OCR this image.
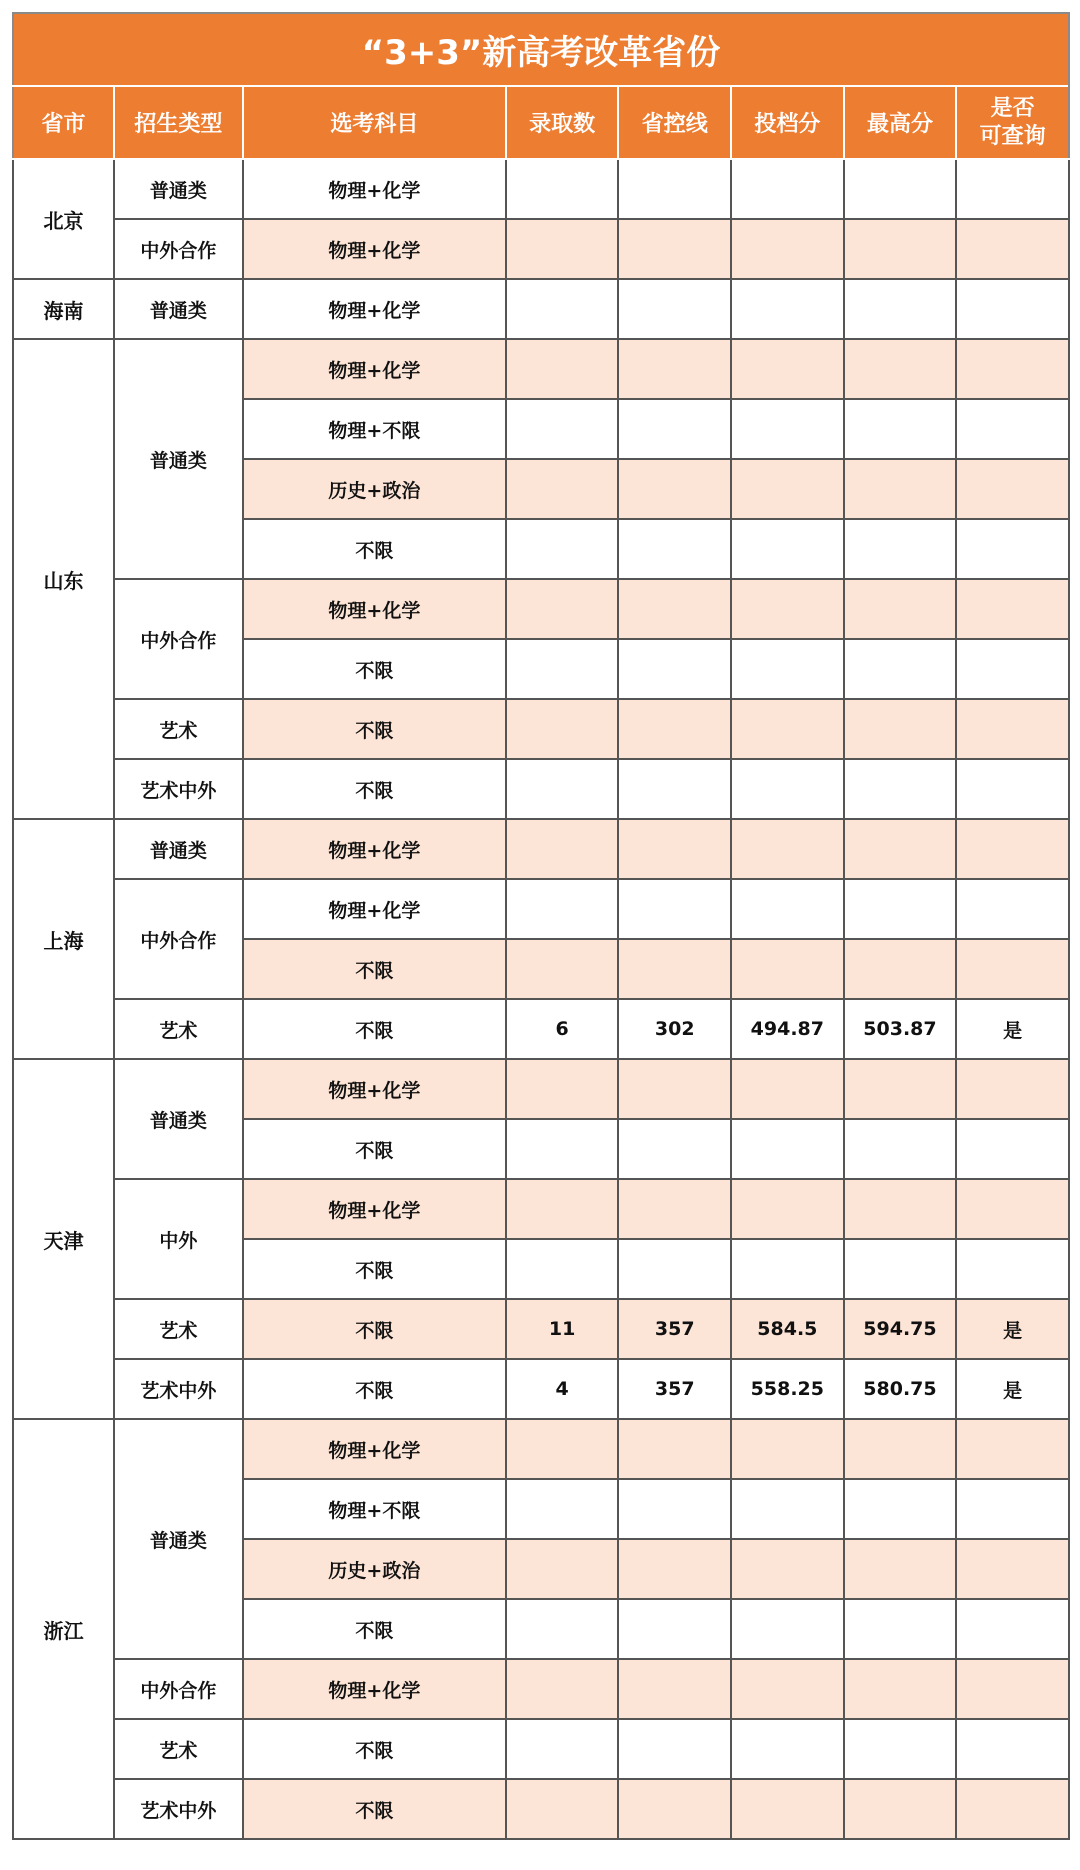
“3+3”新高考改革省份
省市	招生类型	选考科目	录取数	省控线	投档分	最高分	是否
可查询

北京	普通类	物理+化学					
	中外合作	物理+化学					
海南	普通类	物理+化学					
山东	普通类	物理+化学					
		物理+不限					
		历史+政治					
		不限					
	中外合作	物理+化学					
		不限					
	艺术	不限					
	艺术中外	不限					
上海	普通类	物理+化学					
	中外合作	物理+化学					
		不限					
	艺术	不限	6	302	494.87	503.87	是
天津	普通类	物理+化学					
		不限					
	中外	物理+化学					
		不限					
	艺术	不限	11	357	584.5	594.75	是
	艺术中外	不限	4	357	558.25	580.75	是
浙江	普通类	物理+化学					
		物理+不限					
		历史+政治					
		不限					
	中外合作	物理+化学					
	艺术	不限					
	艺术中外	不限					
